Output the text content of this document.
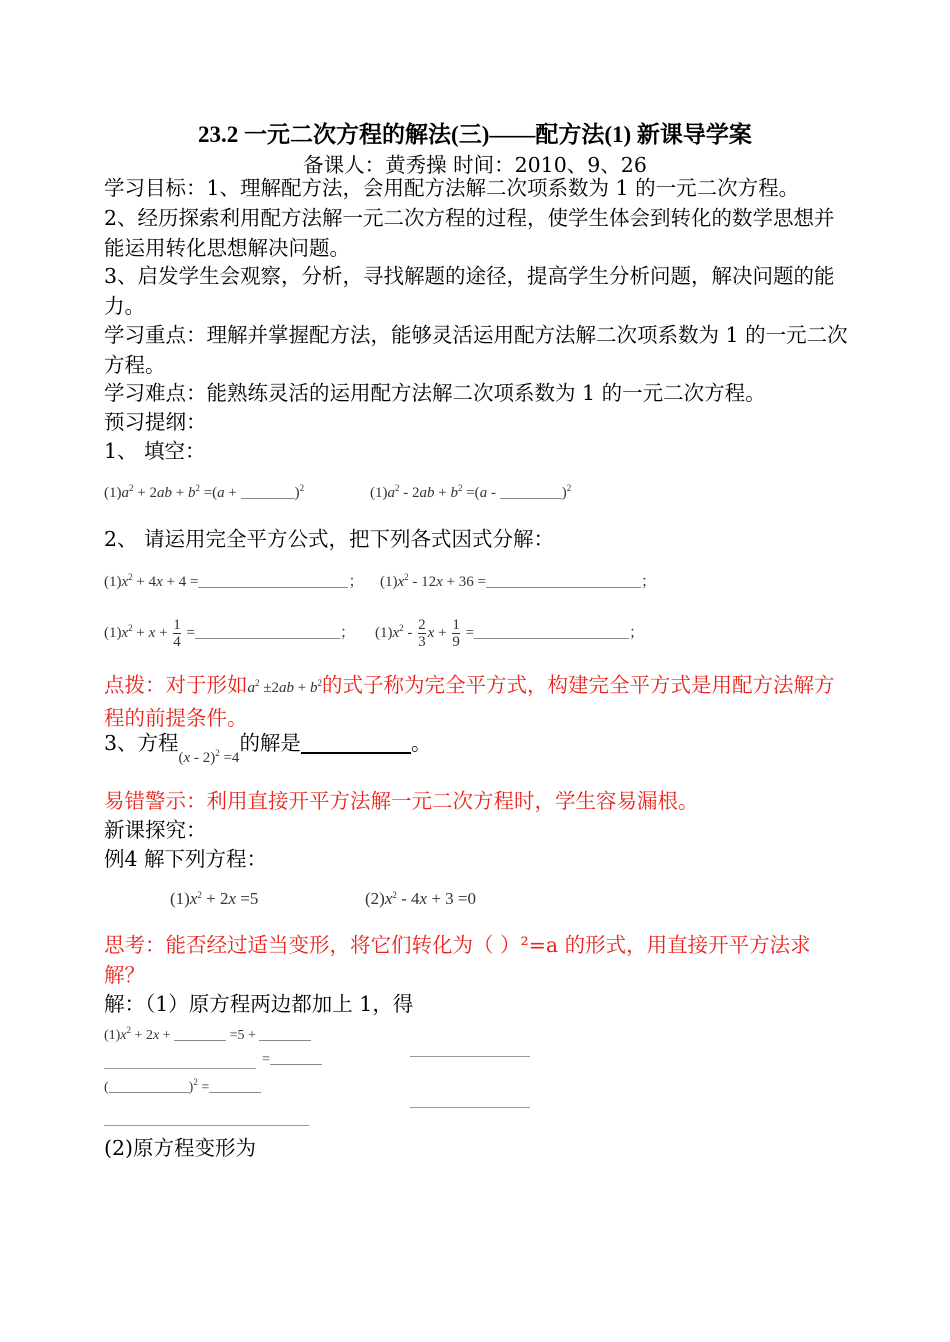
23.2 一元二次方程的解法(三)——配方法(1) 新课导学案
备课人：黄秀操 时间：2010、9、26
学习目标：1、理解配方法，会用配方法解二次项系数为 1 的一元二次方程。
2、经历探索利用配方法解一元二次方程的过程，使学生体会到转化的数学思想并能运用转化思想解决问题。
3、启发学生会观察，分析，寻找解题的途径，提高学生分析问题，解决问题的能力。
学习重点：理解并掌握配方法，能够灵活运用配方法解二次项系数为 1 的一元二次方程。
学习难点：能熟练灵活的运用配方法解二次项系数为 1 的一元二次方程。
预习提纲：
1、 填空：
$(1)a^2 + 2ab + b^2 =(a$ +	)$^2$	$(1)a^2 - 2ab + b^2 =(a$ -	)$^2$
2、 请运用完全平方公式，把下列各式因式分解：
$(1)x^2 + 4x + 4$ =	； $(1)x^2 - 12x + 36$ =	；
$(1)x^2 + x + \frac{1}{4}$ =	； $(1)x^2 - \frac{2}{3}$ $x + \frac{1}{9}$ =	；
点拨：对于形如$a^2 \pm 2ab + b^2$的式子称为完全平方式，构建完全平方式是用配方法解方程的前提条件。
3、方程$_{(x - 2)^2 =4}$的解是	。
易错警示：利用直接开平方法解一元二次方程时，学生容易漏根。
新课探究：
例4 解下列方程：
$(1)x^2 + 2x =5$	$(2)x^2 - 4x + 3 =0$
思考：能否经过适当变形，将它们转化为（ ）²=a 的形式，用直接开平方法求解？
解：（1）原方程两边都加上 1，得
$(1)x^2 + 2x$ +	=5 +
=
(	)$^2$ =
(2)原方程变形为
